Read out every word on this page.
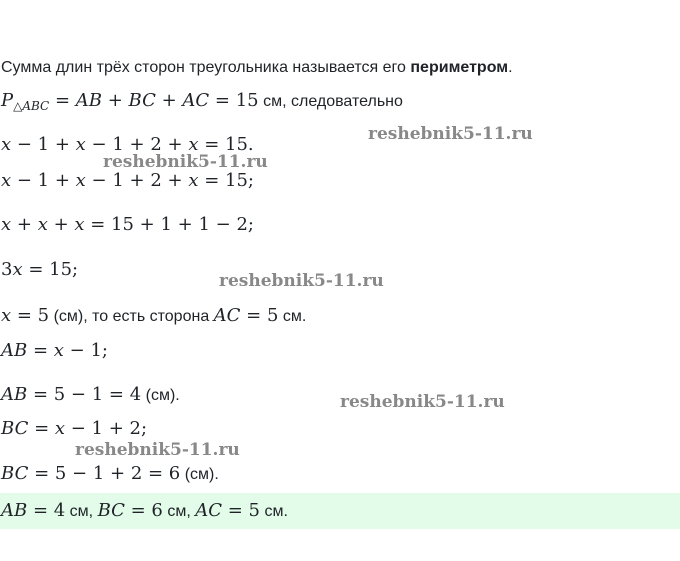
Сумма длин трёх сторон треугольника называется его периметром.
$P_{\triangle ABC}$ = AB + BC + AC = 15 см, следовательно
x − 1 + x − 1 + 2 + x = 15.
x − 1 + x − 1 + 2 + x = 15;
x + x + x = 15 + 1 + 1 − 2;
3x = 15;
x = 5 (см), то есть сторона AC = 5 см.
AB = x − 1;
AB = 5 − 1 = 4 (см).
BC = x − 1 + 2;
BC = 5 − 1 + 2 = 6 (см).
AB = 4 см, BC = 6 см, AC = 5 см.
reshebnik5-11.ru
reshebnik5-11.ru
reshebnik5-11.ru
reshebnik5-11.ru
reshebnik5-11.ru
